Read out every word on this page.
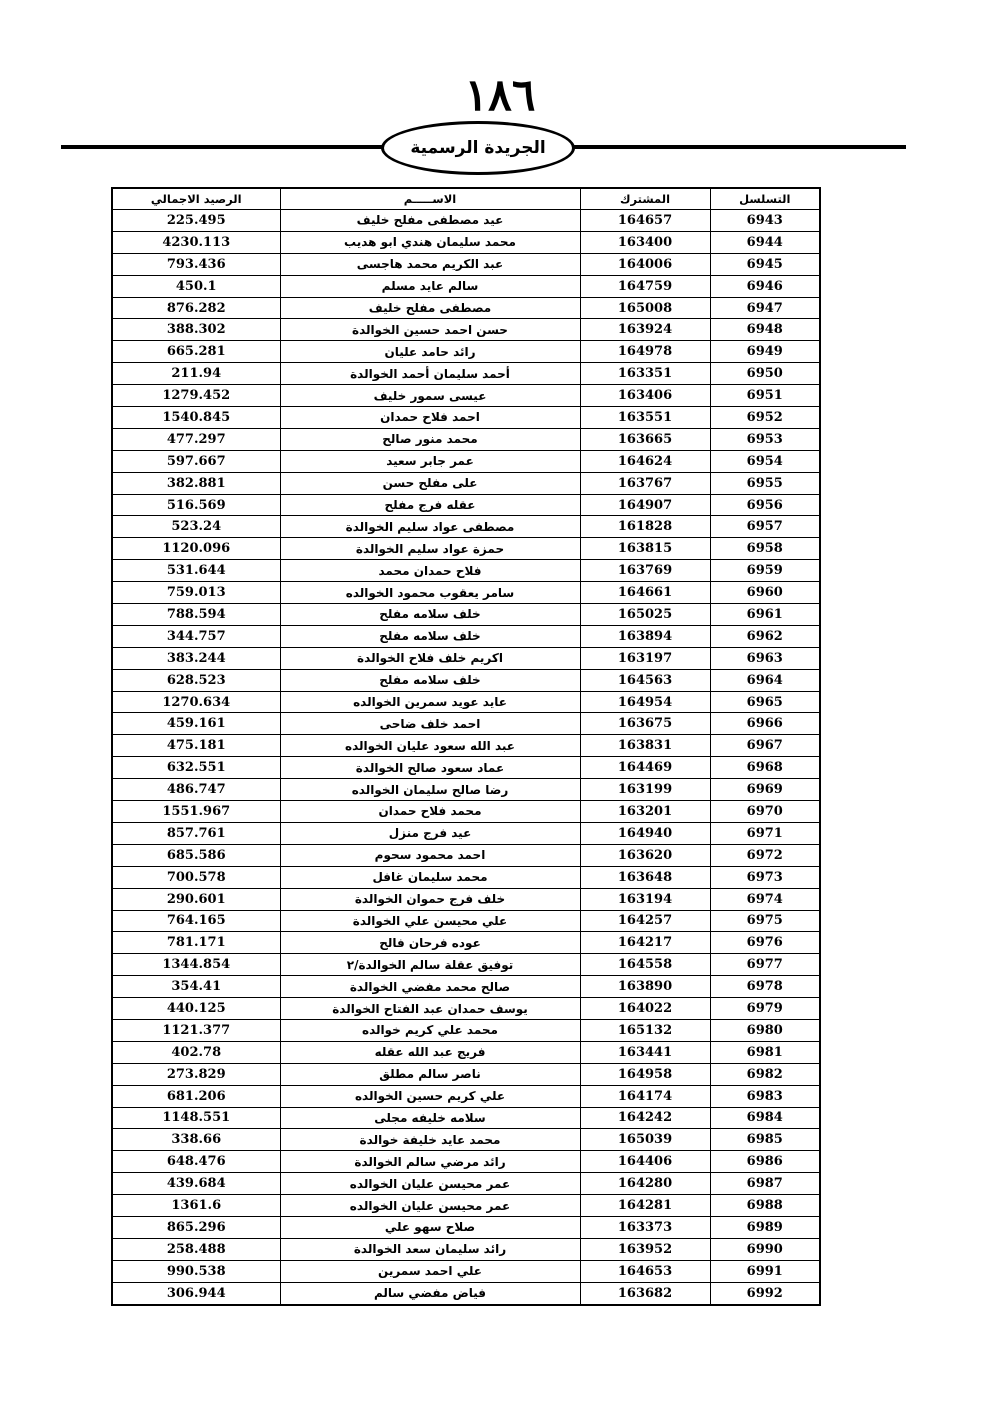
١٨٦
الجريدة الرسمية
الرصيد الاجمالي	الاســـــم	المشترك	التسلسل
225.495	عيد مصطفى مفلح خليف	164657	6943
4230.113	محمد سليمان هندي ابو هديب	163400	6944
793.436	عبد الكريم محمد هاجسى	164006	6945
450.1	سالم عايد مسلم	164759	6946
876.282	مصطفى مفلح خليف	165008	6947
388.302	حسن احمد حسين الخوالدة	163924	6948
665.281	رائد حامد عليان	164978	6949
211.94	أحمد سليمان أحمد الخوالدة	163351	6950
1279.452	عيسى سمور خليف	163406	6951
1540.845	احمد فلاح حمدان	163551	6952
477.297	محمد منور صالح	163665	6953
597.667	عمر جابر سعيد	164624	6954
382.881	على مفلح حسن	163767	6955
516.569	عقله فرج مفلح	164907	6956
523.24	مصطفى عواد سليم الخوالدة	161828	6957
1120.096	حمزة عواد سليم الخوالدة	163815	6958
531.644	فلاح حمدان محمد	163769	6959
759.013	سامر يعقوب محمود الخوالده	164661	6960
788.594	خلف سلامه مفلح	165025	6961
344.757	خلف سلامه مفلح	163894	6962
383.244	اكريم خلف فلاح الخوالدة	163197	6963
628.523	خلف سلامه مفلح	164563	6964
1270.634	عايد عويد سمرين الخوالده	164954	6965
459.161	احمد خلف ضاحى	163675	6966
475.181	عبد الله سعود عليان الخوالده	163831	6967
632.551	عماد سعود صالح الخوالدة	164469	6968
486.747	رضا صالح سليمان الخوالده	163199	6969
1551.967	محمد فلاح حمدان	163201	6970
857.761	عيد فرج منزل	164940	6971
685.586	احمد محمود سحوم	163620	6972
700.578	محمد سليمان غافل	163648	6973
290.601	خلف فرج حموان الخوالدة	163194	6974
764.165	علي محيسن علي الخوالدة	164257	6975
781.171	عوده فرحان فالح	164217	6976
1344.854	توفيق عقلة سالم الخوالدة/٢	164558	6977
354.41	صالح محمد مفضي الخوالدة	163890	6978
440.125	يوسف حمدان عبد الفتاح الخوالدة	164022	6979
1121.377	محمد علي كريم خوالده	165132	6980
402.78	فريج عبد الله عقله	163441	6981
273.829	ناصر سالم مطلق	164958	6982
681.206	علي كريم حسين الخوالده	164174	6983
1148.551	سلامه خليفه مجلى	164242	6984
338.66	محمد عايد خليفة خوالدة	165039	6985
648.476	رائد مرضي سالم الخوالدة	164406	6986
439.684	عمر محيسن عليان الخوالده	164280	6987
1361.6	عمر محيسن عليان الخوالده	164281	6988
865.296	صلاح سهو علي	163373	6989
258.488	رائد سليمان سعد الخوالدة	163952	6990
990.538	علي احمد سمرين	164653	6991
306.944	فياض مفضي سالم	163682	6992
